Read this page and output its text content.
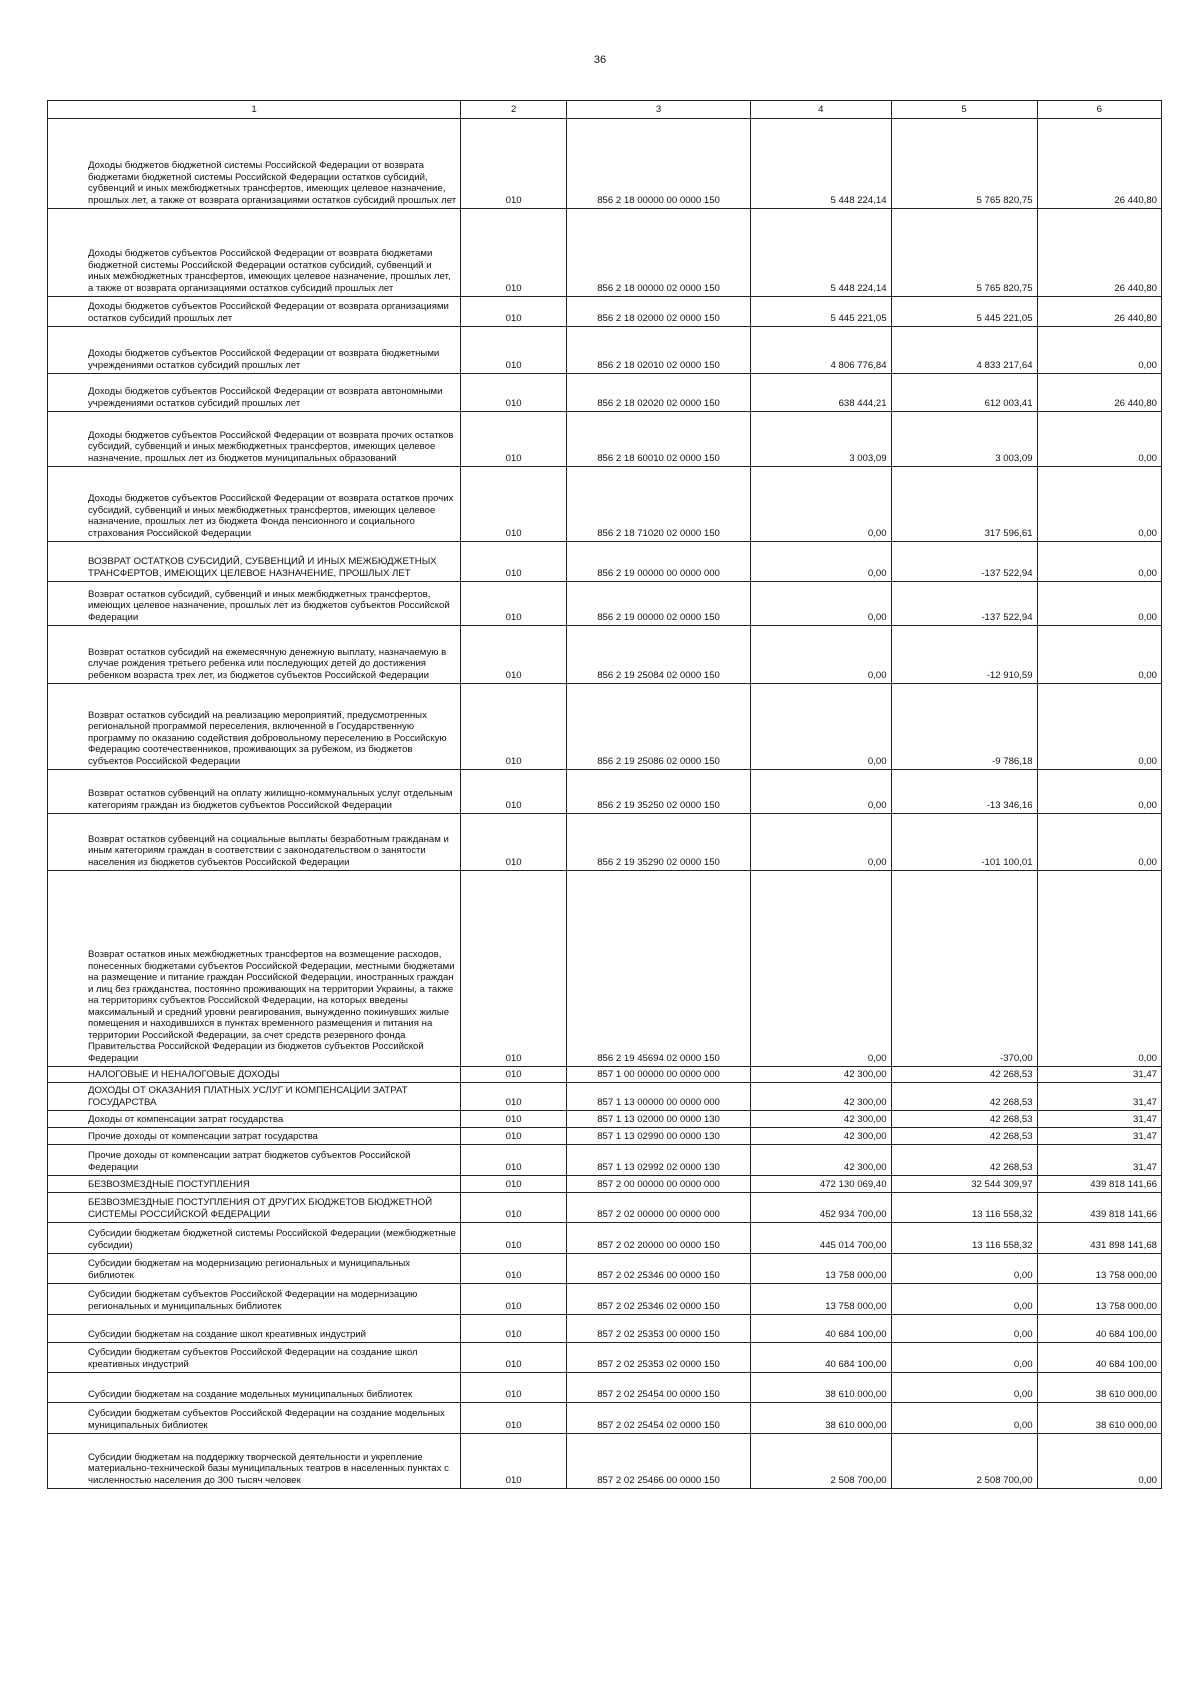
36
1	2	3	4	5	6
Доходы бюджетов бюджетной системы Российской Федерации от возврата бюджетами бюджетной системы Российской Федерации остатков субсидий, субвенций и иных межбюджетных трансфертов, имеющих целевое назначение, прошлых лет, а также от возврата организациями остатков субсидий прошлых лет	010	856 2 18 00000 00 0000 150	5 448 224,14	5 765 820,75	26 440,80
Доходы бюджетов субъектов Российской Федерации от возврата бюджетами бюджетной системы Российской Федерации остатков субсидий, субвенций и иных межбюджетных трансфертов, имеющих целевое назначение, прошлых лет, а также от возврата организациями остатков субсидий прошлых лет	010	856 2 18 00000 02 0000 150	5 448 224,14	5 765 820,75	26 440,80
Доходы бюджетов субъектов Российской Федерации от возврата организациями остатков субсидий прошлых лет	010	856 2 18 02000 02 0000 150	5 445 221,05	5 445 221,05	26 440,80
Доходы бюджетов субъектов Российской Федерации от возврата бюджетными учреждениями остатков субсидий прошлых лет	010	856 2 18 02010 02 0000 150	4 806 776,84	4 833 217,64	0,00
Доходы бюджетов субъектов Российской Федерации от возврата автономными учреждениями остатков субсидий прошлых лет	010	856 2 18 02020 02 0000 150	638 444,21	612 003,41	26 440,80
Доходы бюджетов субъектов Российской Федерации от возврата прочих остатков субсидий, субвенций и иных межбюджетных трансфертов, имеющих целевое назначение, прошлых лет из бюджетов муниципальных образований	010	856 2 18 60010 02 0000 150	3 003,09	3 003,09	0,00
Доходы бюджетов субъектов Российской Федерации от возврата остатков прочих субсидий, субвенций и иных межбюджетных трансфертов, имеющих целевое назначение, прошлых лет из бюджета Фонда пенсионного и социального страхования Российской Федерации	010	856 2 18 71020 02 0000 150	0,00	317 596,61	0,00
ВОЗВРАТ ОСТАТКОВ СУБСИДИЙ, СУБВЕНЦИЙ И ИНЫХ МЕЖБЮДЖЕТНЫХ ТРАНСФЕРТОВ, ИМЕЮЩИХ ЦЕЛЕВОЕ НАЗНАЧЕНИЕ, ПРОШЛЫХ ЛЕТ	010	856 2 19 00000 00 0000 000	0,00	-137 522,94	0,00
Возврат остатков субсидий, субвенций и иных межбюджетных трансфертов, имеющих целевое назначение, прошлых лет из бюджетов субъектов Российской Федерации	010	856 2 19 00000 02 0000 150	0,00	-137 522,94	0,00
Возврат остатков субсидий на ежемесячную денежную выплату, назначаемую в случае рождения третьего ребенка или последующих детей до достижения ребенком возраста трех лет, из бюджетов субъектов Российской Федерации	010	856 2 19 25084 02 0000 150	0,00	-12 910,59	0,00
Возврат остатков субсидий на реализацию мероприятий, предусмотренных региональной программой переселения, включенной в Государственную программу по оказанию содействия добровольному переселению в Российскую Федерацию соотечественников, проживающих за рубежом, из бюджетов субъектов Российской Федерации	010	856 2 19 25086 02 0000 150	0,00	-9 786,18	0,00
Возврат остатков субвенций на оплату жилищно-коммунальных услуг отдельным категориям граждан из бюджетов субъектов Российской Федерации	010	856 2 19 35250 02 0000 150	0,00	-13 346,16	0,00
Возврат остатков субвенций на социальные выплаты безработным гражданам и иным категориям граждан в соответствии с законодательством о занятости населения из бюджетов субъектов Российской Федерации	010	856 2 19 35290 02 0000 150	0,00	-101 100,01	0,00
Возврат остатков иных межбюджетных трансфертов на возмещение расходов, понесенных бюджетами субъектов Российской Федерации, местными бюджетами на размещение и питание граждан Российской Федерации, иностранных граждан и лиц без гражданства, постоянно проживающих на территории Украины, а также на территориях субъектов Российской Федерации, на которых введены максимальный и средний уровни реагирования, вынужденно покинувших жилые помещения и находившихся в пунктах временного размещения и питания на территории Российской Федерации, за счет средств резервного фонда Правительства Российской Федерации из бюджетов субъектов Российской Федерации	010	856 2 19 45694 02 0000 150	0,00	-370,00	0,00
НАЛОГОВЫЕ И НЕНАЛОГОВЫЕ ДОХОДЫ	010	857 1 00 00000 00 0000 000	42 300,00	42 268,53	31,47
ДОХОДЫ ОТ ОКАЗАНИЯ ПЛАТНЫХ УСЛУГ И КОМПЕНСАЦИИ ЗАТРАТ ГОСУДАРСТВА	010	857 1 13 00000 00 0000 000	42 300,00	42 268,53	31,47
Доходы от компенсации затрат государства	010	857 1 13 02000 00 0000 130	42 300,00	42 268,53	31,47
Прочие доходы от компенсации затрат государства	010	857 1 13 02990 00 0000 130	42 300,00	42 268,53	31,47
Прочие доходы от компенсации затрат бюджетов субъектов Российской Федерации	010	857 1 13 02992 02 0000 130	42 300,00	42 268,53	31,47
БЕЗВОЗМЕЗДНЫЕ ПОСТУПЛЕНИЯ	010	857 2 00 00000 00 0000 000	472 130 069,40	32 544 309,97	439 818 141,66
БЕЗВОЗМЕЗДНЫЕ ПОСТУПЛЕНИЯ ОТ ДРУГИХ БЮДЖЕТОВ БЮДЖЕТНОЙ СИСТЕМЫ РОССИЙСКОЙ ФЕДЕРАЦИИ	010	857 2 02 00000 00 0000 000	452 934 700,00	13 116 558,32	439 818 141,66
Субсидии бюджетам бюджетной системы Российской Федерации (межбюджетные субсидии)	010	857 2 02 20000 00 0000 150	445 014 700,00	13 116 558,32	431 898 141,68
Субсидии бюджетам на модернизацию региональных и муниципальных библиотек	010	857 2 02 25346 00 0000 150	13 758 000,00	0,00	13 758 000,00
Субсидии бюджетам субъектов Российской Федерации на модернизацию региональных и муниципальных библиотек	010	857 2 02 25346 02 0000 150	13 758 000,00	0,00	13 758 000,00
Субсидии бюджетам на создание школ креативных индустрий	010	857 2 02 25353 00 0000 150	40 684 100,00	0,00	40 684 100,00
Субсидии бюджетам субъектов Российской Федерации на создание школ креативных индустрий	010	857 2 02 25353 02 0000 150	40 684 100,00	0,00	40 684 100,00
Субсидии бюджетам на создание модельных муниципальных библиотек	010	857 2 02 25454 00 0000 150	38 610 000,00	0,00	38 610 000,00
Субсидии бюджетам субъектов Российской Федерации на создание модельных муниципальных библиотек	010	857 2 02 25454 02 0000 150	38 610 000,00	0,00	38 610 000,00
Субсидии бюджетам на поддержку творческой деятельности и укрепление материально-технической базы муниципальных театров в населенных пунктах с численностью населения до 300 тысяч человек	010	857 2 02 25466 00 0000 150	2 508 700,00	2 508 700,00	0,00
